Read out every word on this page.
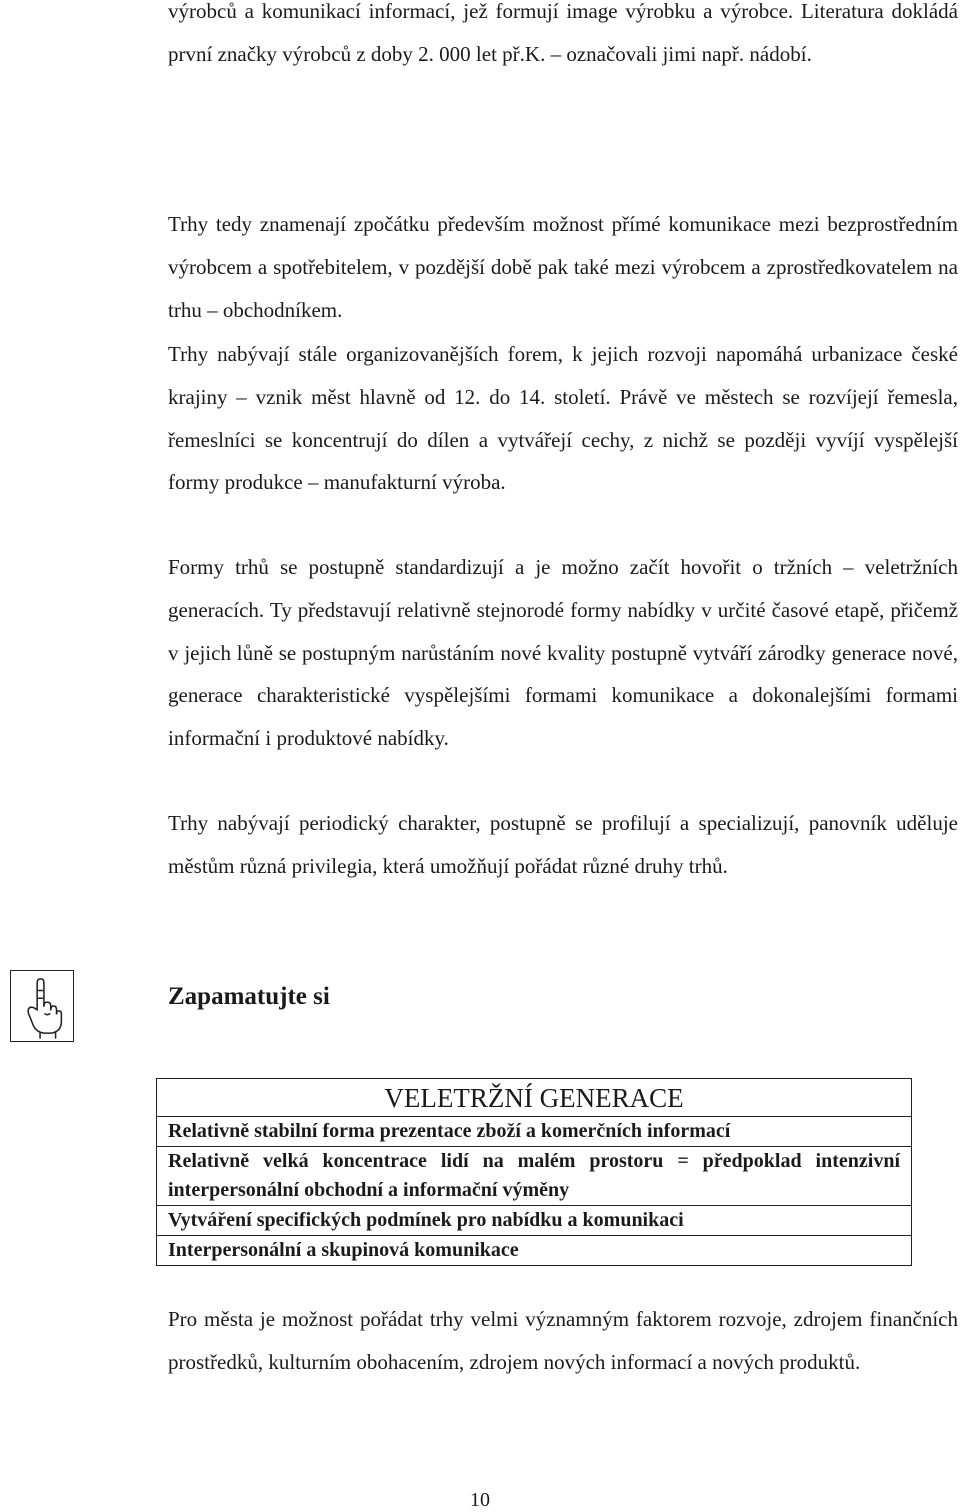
výrobců a komunikací informací, jež formují image výrobku a výrobce. Literatura dokládá první značky výrobců z doby 2. 000 let př.K. – označovali jimi např. nádobí.

Trhy tedy znamenají zpočátku především možnost přímé komunikace mezi bezprostředním výrobcem a spotřebitelem, v pozdější době pak také mezi výrobcem a zprostředkovatelem na trhu – obchodníkem.

Trhy nabývají stále organizovanějších forem, k jejich rozvoji napomáhá urbanizace české krajiny – vznik měst hlavně od 12. do 14. století. Právě ve městech se rozvíjejí řemesla, řemeslníci se koncentrují do dílen a vytvářejí cechy, z nichž se později vyvíjí vyspělejší formy produkce – manufakturní výroba.

Formy trhů se postupně standardizují a je možno začít hovořit o tržních – veletržních generacích. Ty představují relativně stejnorodé formy nabídky v určité časové etapě, přičemž v jejich lůně se postupným narůstáním nové kvality postupně vytváří zárodky generace nové, generace charakteristické vyspělejšími formami komunikace a dokonalejšími formami informační i produktové nabídky.

Trhy nabývají periodický charakter, postupně se profilují a specializují, panovník uděluje městům různá privilegia, která umožňují pořádat různé druhy trhů.

Zapamatujte si
VELETRŽNÍ GENERACE
Relativně stabilní forma prezentace zboží a komerčních informací
Relativně velká koncentrace lidí na malém prostoru = předpoklad intenzivní interpersonální obchodní a informační výměny
Vytváření specifických podmínek pro nabídku a komunikaci
Interpersonální a skupinová komunikace

Pro města je možnost pořádat trhy velmi významným faktorem rozvoje, zdrojem finančních prostředků, kulturním obohacením, zdrojem nových informací a nových produktů.

10
